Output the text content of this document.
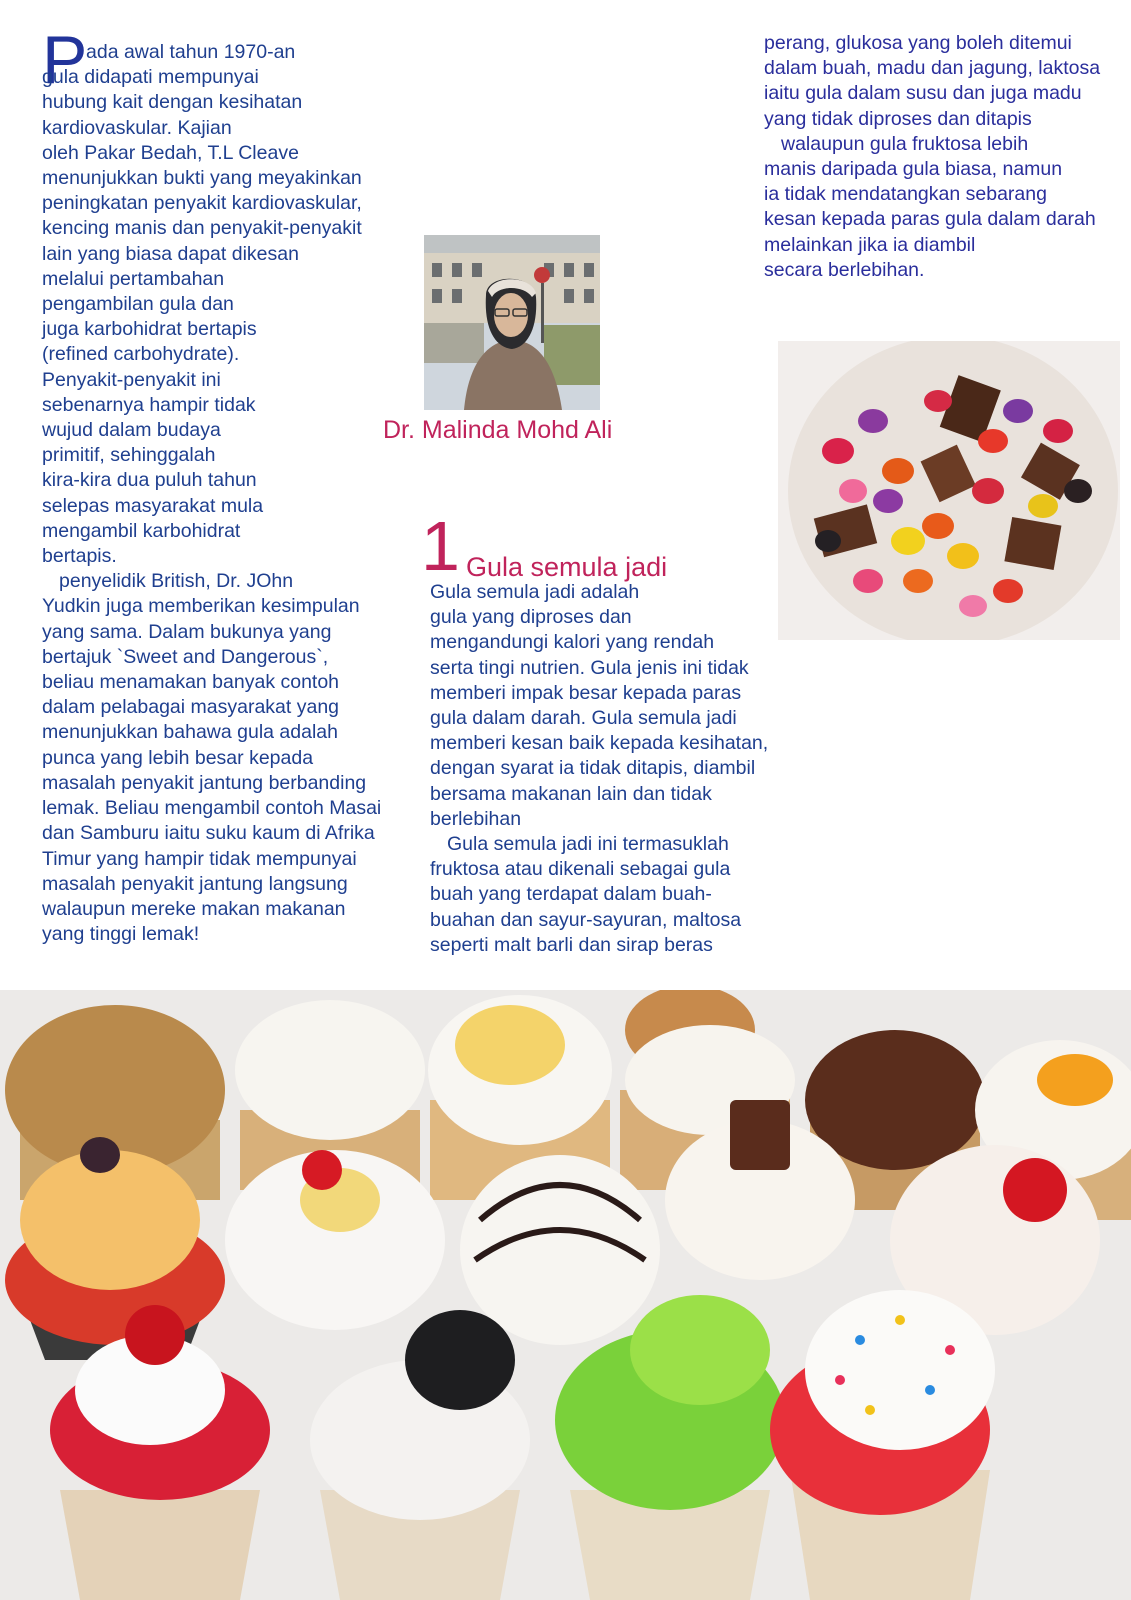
P
ada awal tahun 1970-an
gula didapati mempunyai
hubung kait dengan kesihatan
kardiovaskular. Kajian
oleh Pakar Bedah, T.L Cleave
menunjukkan bukti yang meyakinkan
peningkatan penyakit kardiovaskular,
kencing manis dan penyakit-penyakit
lain yang biasa dapat dikesan
melalui pertambahan
pengambilan gula dan
juga karbohidrat bertapis
(refined carbohydrate).
Penyakit-penyakit ini
sebenarnya hampir tidak
wujud dalam budaya
primitif, sehinggalah
kira-kira dua puluh tahun
selepas masyarakat mula
mengambil karbohidrat
bertapis.
penyelidik British, Dr. JOhn
Yudkin juga memberikan kesimpulan
yang sama. Dalam bukunya yang
bertajuk `Sweet and Dangerous`,
beliau menamakan banyak contoh
dalam pelabagai masyarakat yang
menunjukkan bahawa gula adalah
punca yang lebih besar kepada
masalah penyakit jantung berbanding
lemak. Beliau mengambil contoh Masai
dan Samburu iaitu suku kaum di Afrika
Timur yang hampir tidak mempunyai
masalah penyakit jantung langsung
walaupun mereke makan makanan
yang tinggi lemak!
Dr. Malinda Mohd Ali
1 Gula semula jadi
Gula semula jadi adalah
gula yang diproses dan
mengandungi kalori yang rendah
serta tingi nutrien. Gula jenis ini tidak
memberi impak besar kepada paras
gula dalam darah. Gula semula jadi
memberi kesan baik kepada kesihatan,
dengan syarat ia tidak ditapis, diambil
bersama makanan lain dan tidak
berlebihan
Gula semula jadi ini termasuklah
fruktosa atau dikenali sebagai gula
buah yang terdapat dalam buah-
buahan dan sayur-sayuran, maltosa
seperti malt barli dan sirap beras
perang, glukosa yang boleh ditemui
dalam buah, madu dan jagung, laktosa
iaitu gula dalam susu dan juga madu
yang tidak diproses dan ditapis
walaupun gula fruktosa lebih
manis daripada gula biasa, namun
ia tidak mendatangkan sebarang
kesan kepada paras gula dalam darah
melainkan jika ia diambil
secara berlebihan.
